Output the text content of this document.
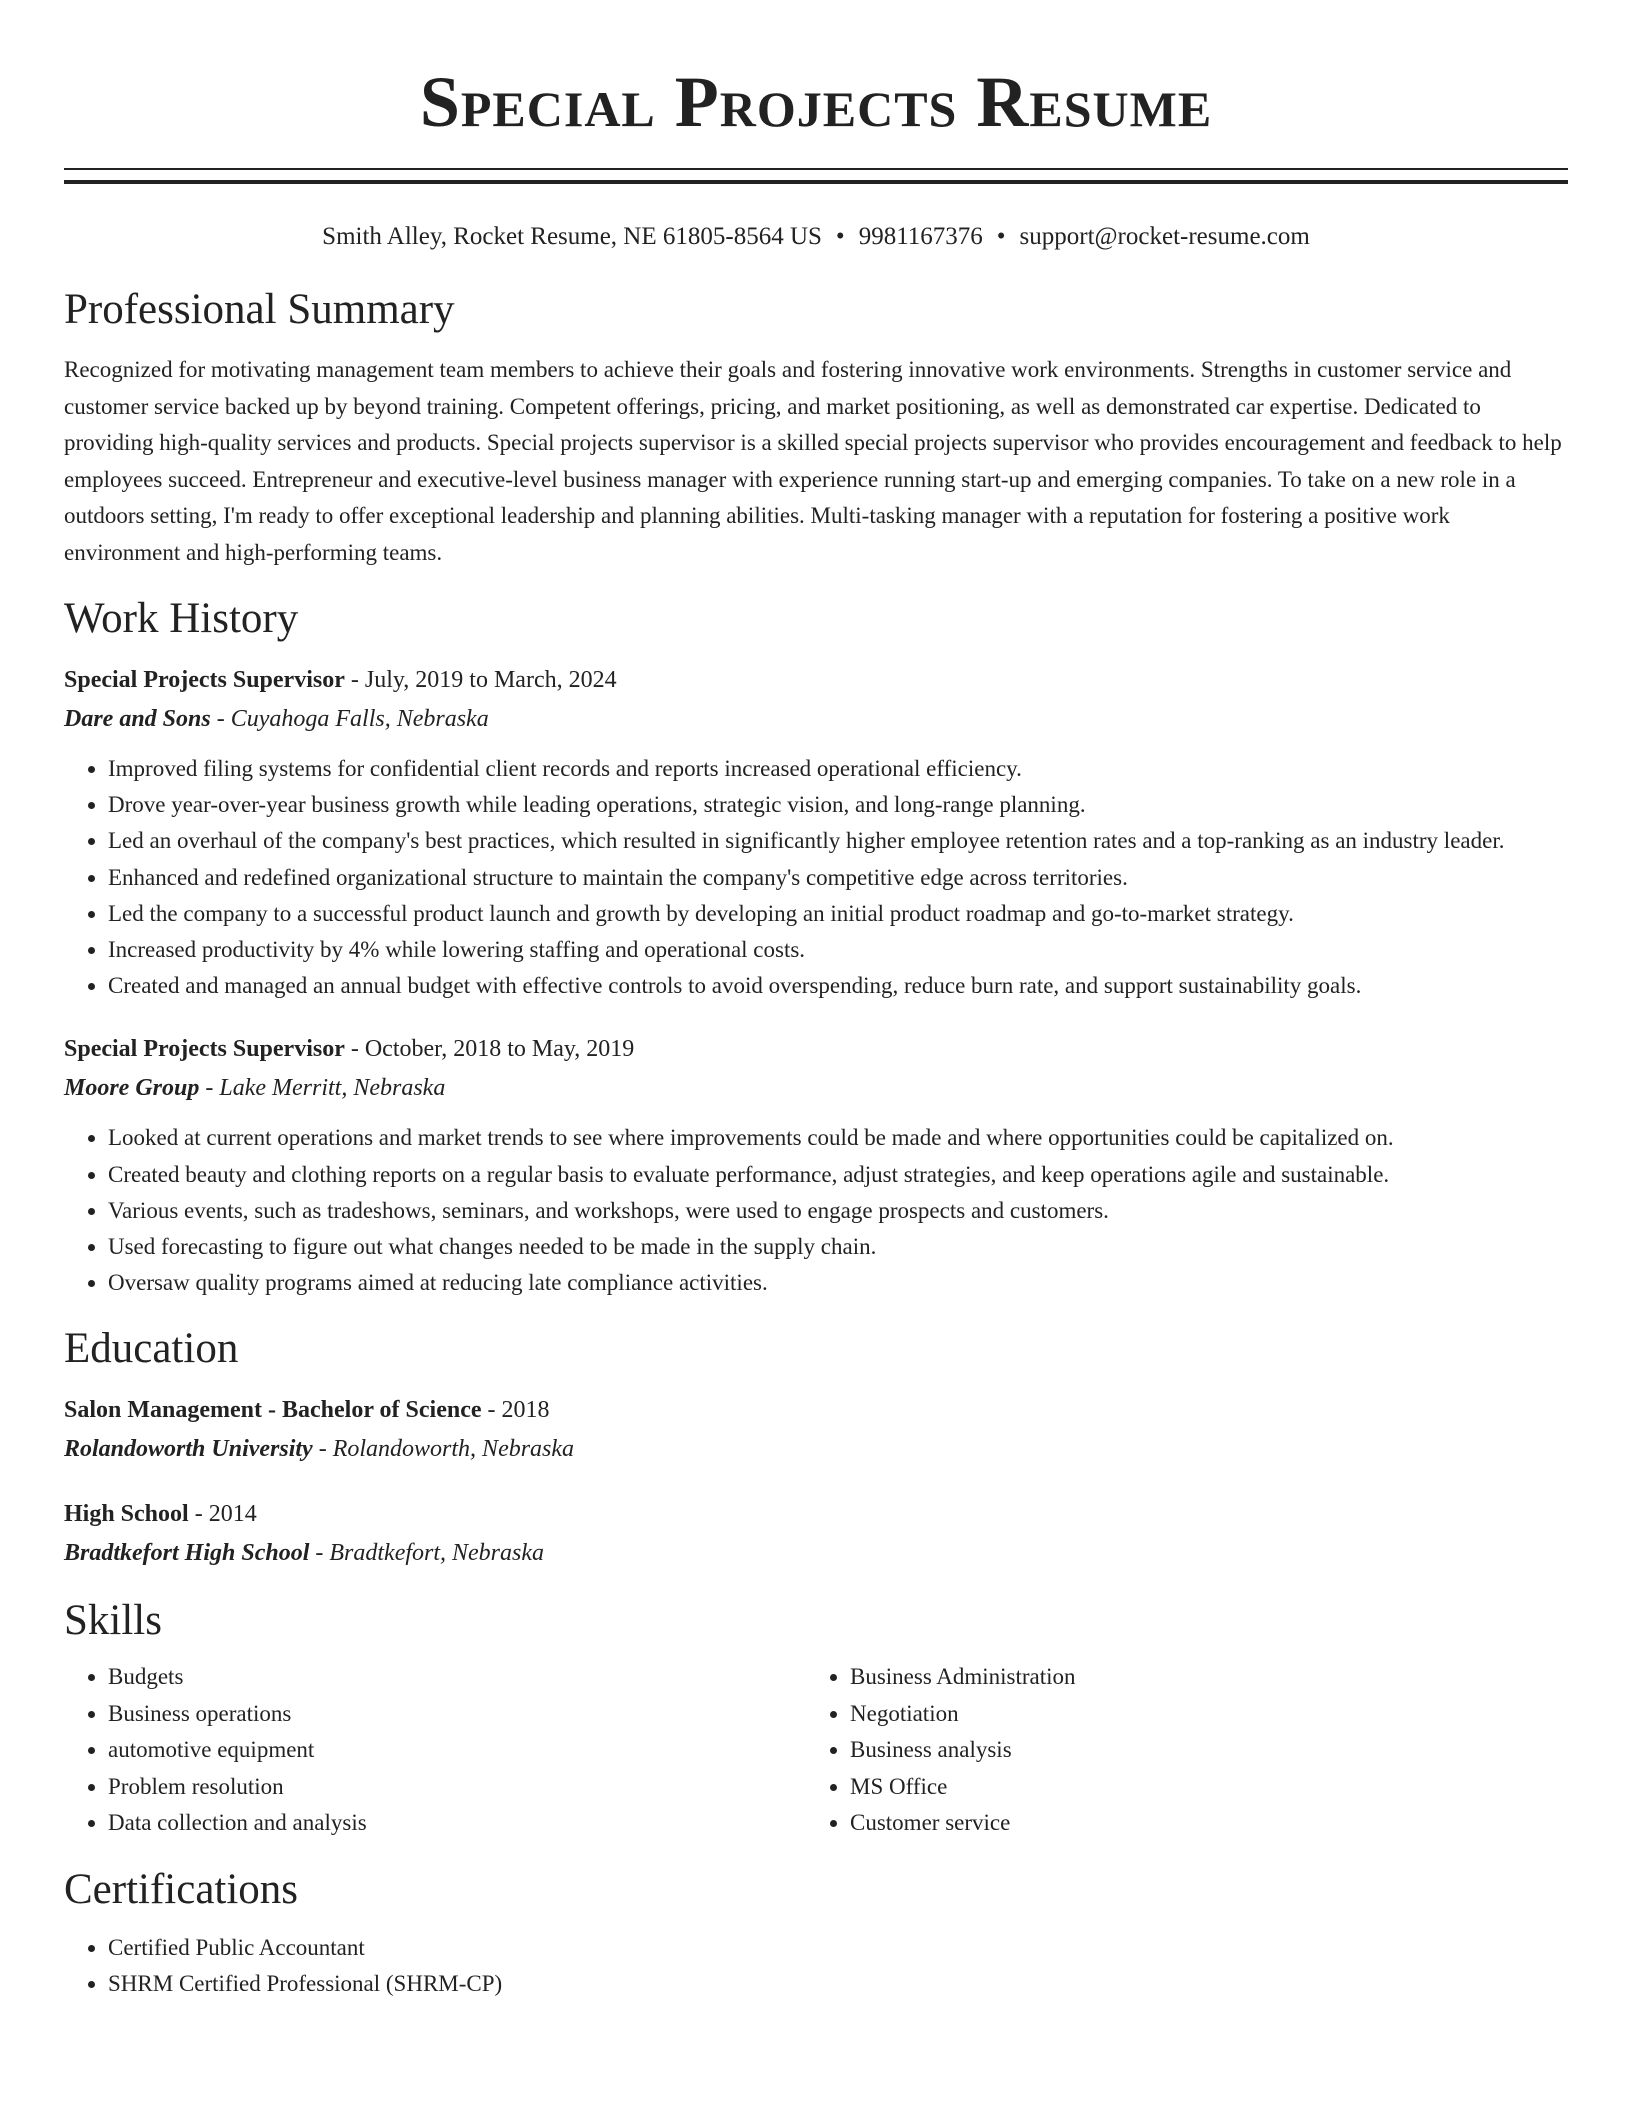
Special Projects Resume
Smith Alley, Rocket Resume, NE 61805-8564 US • 9981167376 • support@rocket-resume.com
Professional Summary

Recognized for motivating management team members to achieve their goals and fostering innovative work environments. Strengths in customer service and customer service backed up by beyond training. Competent offerings, pricing, and market positioning, as well as demonstrated car expertise. Dedicated to providing high-quality services and products. Special projects supervisor is a skilled special projects supervisor who provides encouragement and feedback to help employees succeed. Entrepreneur and executive-level business manager with experience running start-up and emerging companies. To take on a new role in a outdoors setting, I'm ready to offer exceptional leadership and planning abilities. Multi-tasking manager with a reputation for fostering a positive work environment and high-performing teams.

Work History
Special Projects Supervisor - July, 2019 to March, 2024
Dare and Sons - Cuyahoga Falls, Nebraska
• Improved filing systems for confidential client records and reports increased operational efficiency.
• Drove year-over-year business growth while leading operations, strategic vision, and long-range planning.
• Led an overhaul of the company's best practices, which resulted in significantly higher employee retention rates and a top-ranking as an industry leader.
• Enhanced and redefined organizational structure to maintain the company's competitive edge across territories.
• Led the company to a successful product launch and growth by developing an initial product roadmap and go-to-market strategy.
• Increased productivity by 4% while lowering staffing and operational costs.
• Created and managed an annual budget with effective controls to avoid overspending, reduce burn rate, and support sustainability goals.
Special Projects Supervisor - October, 2018 to May, 2019
Moore Group - Lake Merritt, Nebraska
• Looked at current operations and market trends to see where improvements could be made and where opportunities could be capitalized on.
• Created beauty and clothing reports on a regular basis to evaluate performance, adjust strategies, and keep operations agile and sustainable.
• Various events, such as tradeshows, seminars, and workshops, were used to engage prospects and customers.
• Used forecasting to figure out what changes needed to be made in the supply chain.
• Oversaw quality programs aimed at reducing late compliance activities.
Education
Salon Management - Bachelor of Science - 2018
Rolandoworth University - Rolandoworth, Nebraska
High School - 2014
Bradtkefort High School - Bradtkefort, Nebraska
Skills
• Budgets
• Business operations
• automotive equipment
• Problem resolution
• Data collection and analysis
• Business Administration
• Negotiation
• Business analysis
• MS Office
• Customer service
Certifications
• Certified Public Accountant
• SHRM Certified Professional (SHRM-CP)
